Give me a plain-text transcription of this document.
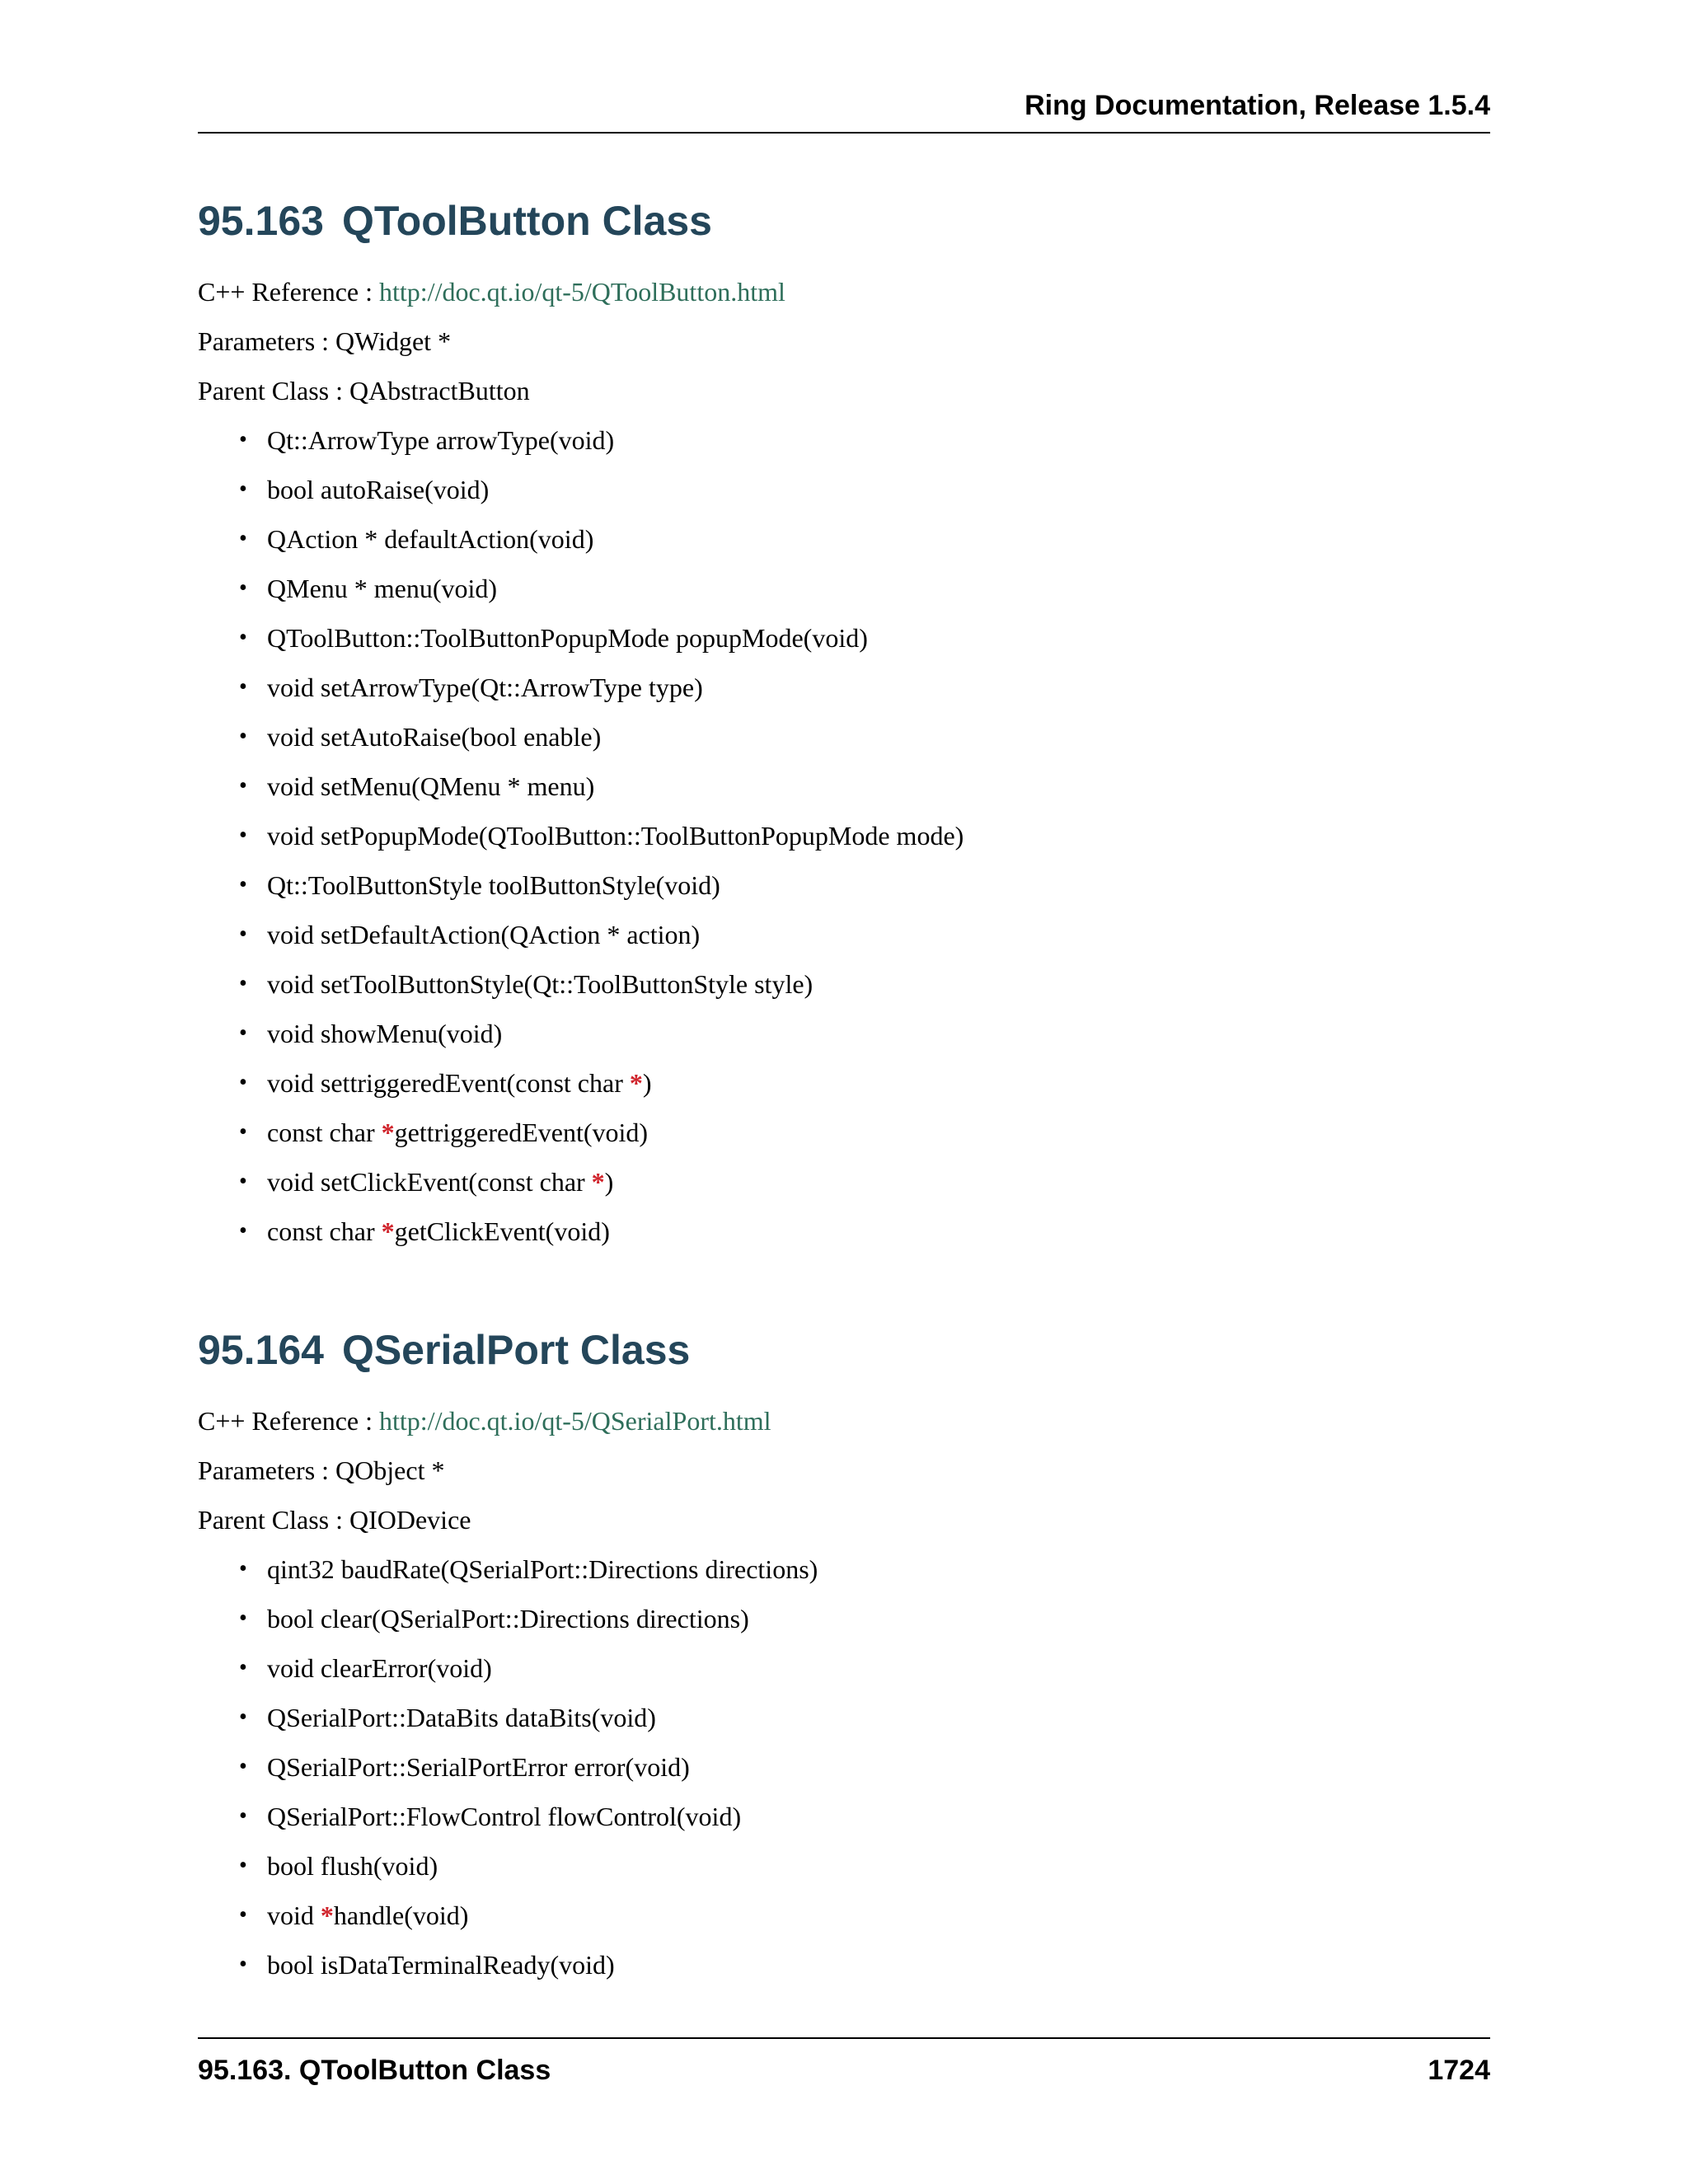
Ring Documentation, Release 1.5.4
95.163 QToolButton Class
C++ Reference : http://doc.qt.io/qt-5/QToolButton.html
Parameters : QWidget *
Parent Class : QAbstractButton
• Qt::ArrowType arrowType(void)
• bool autoRaise(void)
• QAction * defaultAction(void)
• QMenu * menu(void)
• QToolButton::ToolButtonPopupMode popupMode(void)
• void setArrowType(Qt::ArrowType type)
• void setAutoRaise(bool enable)
• void setMenu(QMenu * menu)
• void setPopupMode(QToolButton::ToolButtonPopupMode mode)
• Qt::ToolButtonStyle toolButtonStyle(void)
• void setDefaultAction(QAction * action)
• void setToolButtonStyle(Qt::ToolButtonStyle style)
• void showMenu(void)
• void settriggeredEvent(const char *)
• const char *gettriggeredEvent(void)
• void setClickEvent(const char *)
• const char *getClickEvent(void)
95.164 QSerialPort Class
C++ Reference : http://doc.qt.io/qt-5/QSerialPort.html
Parameters : QObject *
Parent Class : QIODevice
• qint32 baudRate(QSerialPort::Directions directions)
• bool clear(QSerialPort::Directions directions)
• void clearError(void)
• QSerialPort::DataBits dataBits(void)
• QSerialPort::SerialPortError error(void)
• QSerialPort::FlowControl flowControl(void)
• bool flush(void)
• void *handle(void)
• bool isDataTerminalReady(void)
95.163. QToolButton Class	1724
